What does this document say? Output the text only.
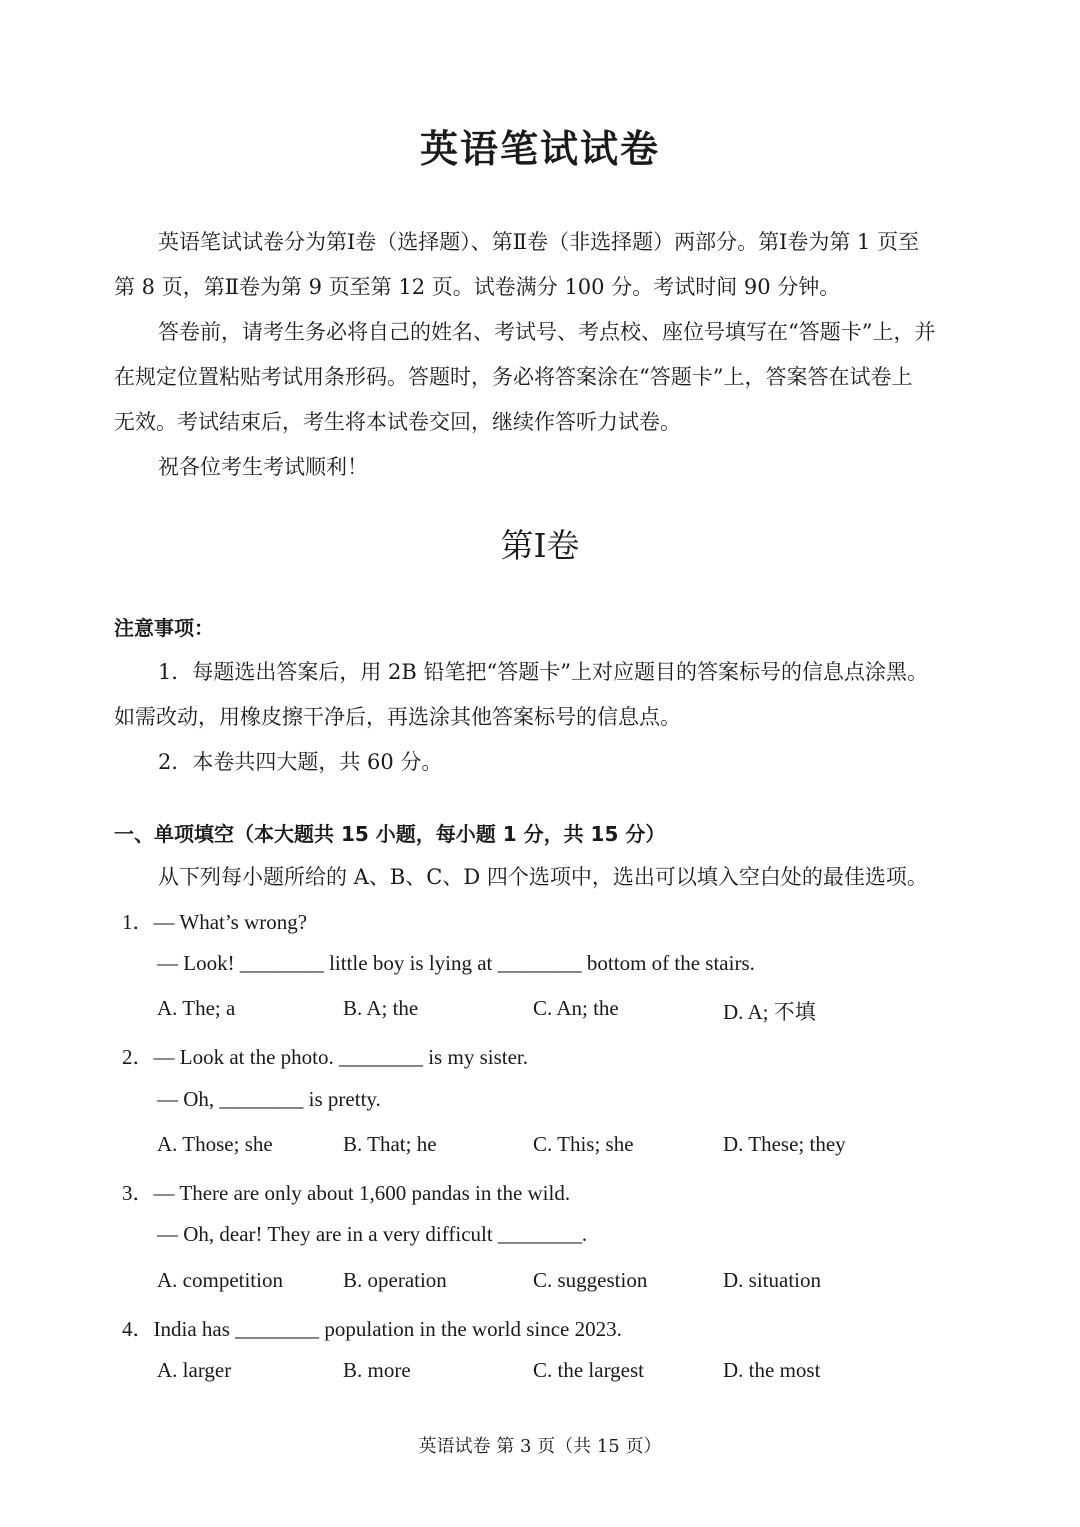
英语笔试试卷
英语笔试试卷分为第Ⅰ卷（选择题）、第Ⅱ卷（非选择题）两部分。第Ⅰ卷为第 1 页至
第 8 页，第Ⅱ卷为第 9 页至第 12 页。试卷满分 100 分。考试时间 90 分钟。
答卷前，请考生务必将自己的姓名、考试号、考点校、座位号填写在“答题卡”上，并
在规定位置粘贴考试用条形码。答题时，务必将答案涂在“答题卡”上，答案答在试卷上
无效。考试结束后，考生将本试卷交回，继续作答听力试卷。
祝各位考生考试顺利！
第Ⅰ卷
注意事项：
1．每题选出答案后，用 2B 铅笔把“答题卡”上对应题目的答案标号的信息点涂黑。
如需改动，用橡皮擦干净后，再选涂其他答案标号的信息点。
2．本卷共四大题，共 60 分。
一、单项填空（本大题共 15 小题，每小题 1 分，共 15 分）
从下列每小题所给的 A、B、C、D 四个选项中，选出可以填入空白处的最佳选项。
1．— What’s wrong?
— Look! ________ little boy is lying at ________ bottom of the stairs.
A. The; a	B. A; the	C. An; the	D. A; 不填
2．— Look at the photo. ________ is my sister.
— Oh, ________ is pretty.
A. Those; she	B. That; he	C. This; she	D. These; they
3．— There are only about 1,600 pandas in the wild.
— Oh, dear! They are in a very difficult ________.
A. competition	B. operation	C. suggestion	D. situation
4．India has ________ population in the world since 2023.
A. larger	B. more	C. the largest	D. the most
英语试卷 第 3 页（共 15 页）
